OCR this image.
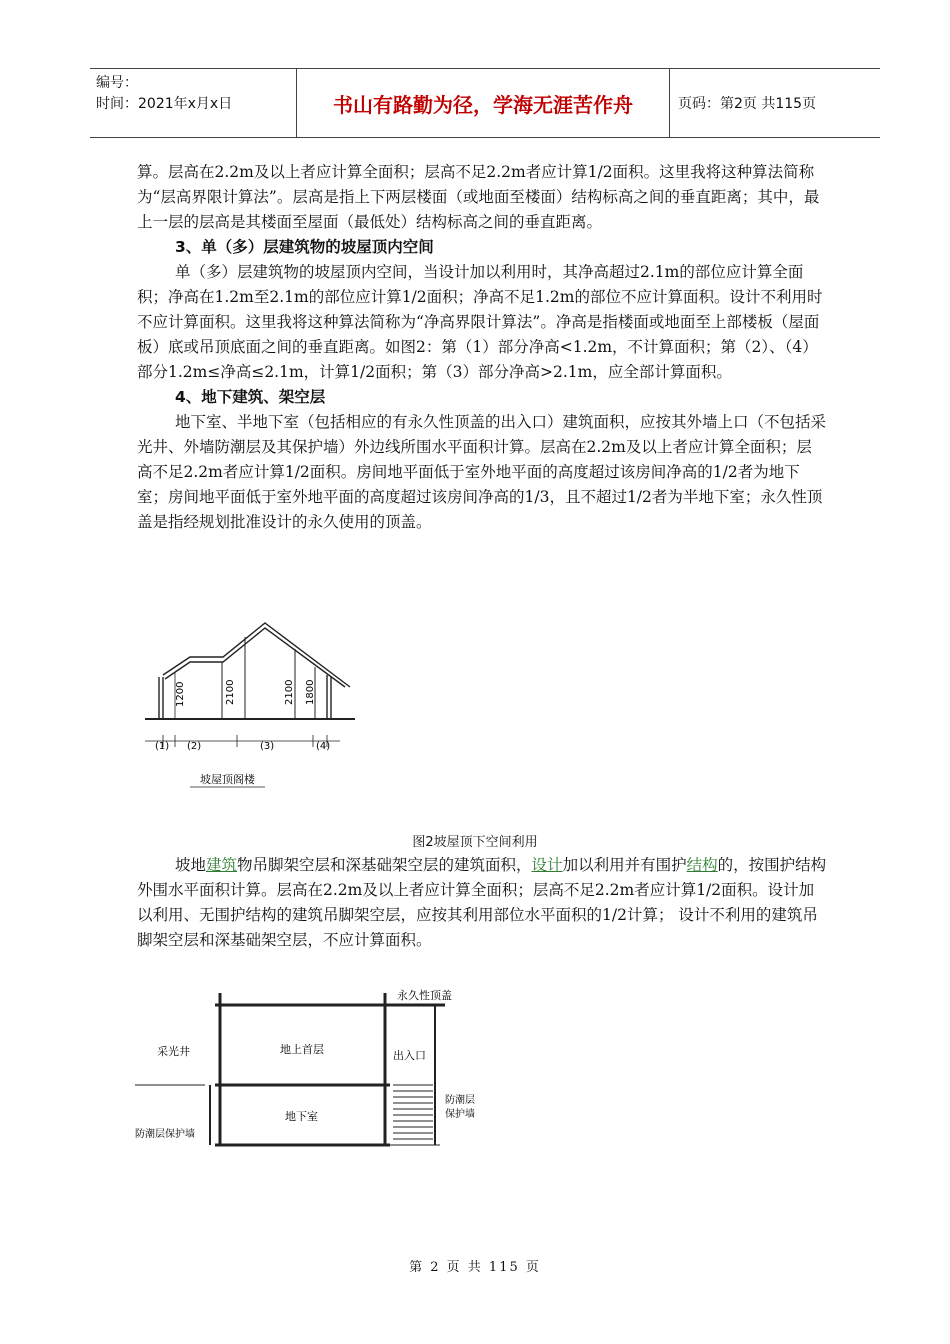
编号：
时间：2021年x月x日	书山有路勤为径，学海无涯苦作舟	页码：第2页 共115页

算。层高在2.2m及以上者应计算全面积；层高不足2.2m者应计算1/2面积。这里我将这种算法简称为“层高界限计算法”。层高是指上下两层楼面（或地面至楼面）结构标高之间的垂直距离；其中，最上一层的层高是其楼面至屋面（最低处）结构标高之间的垂直距离。

3、单（多）层建筑物的坡屋顶内空间

单（多）层建筑物的坡屋顶内空间，当设计加以利用时，其净高超过2.1m的部位应计算全面积；净高在1.2m至2.1m的部位应计算1/2面积；净高不足1.2m的部位不应计算面积。设计不利用时不应计算面积。这里我将这种算法简称为“净高界限计算法”。净高是指楼面或地面至上部楼板（屋面板）底或吊顶底面之间的垂直距离。如图2：第（1）部分净高<1.2m，不计算面积；第（2）、（4）部分1.2m≤净高≤2.1m，计算1/2面积；第（3）部分净高>2.1m，应全部计算面积。

4、地下建筑、架空层

地下室、半地下室（包括相应的有永久性顶盖的出入口）建筑面积，应按其外墙上口（不包括采光井、外墙防潮层及其保护墙）外边线所围水平面积计算。层高在2.2m及以上者应计算全面积；层高不足2.2m者应计算1/2面积。房间地平面低于室外地平面的高度超过该房间净高的1/2者为地下室；房间地平面低于室外地平面的高度超过该房间净高的1/3，且不超过1/2者为半地下室；永久性顶盖是指经规划批准设计的永久使用的顶盖。

1200	2100	2100 1800
(1) (2)	(3)	(4)
坡屋顶阁楼
图2坡屋顶下空间利用

坡地建筑物吊脚架空层和深基础架空层的建筑面积，设计加以利用并有围护结构的，按围护结构外围水平面积计算。层高在2.2m及以上者应计算全面积；层高不足2.2m者应计算1/2面积。设计加以利用、无围护结构的建筑吊脚架空层，应按其利用部位水平面积的1/2计算； 设计不利用的建筑吊脚架空层和深基础架空层，不应计算面积。

永久性顶盖
采光井	地上首层	出入口
地下室
防潮层保护墙
防潮层
保护墙
第 2 页 共 115 页
